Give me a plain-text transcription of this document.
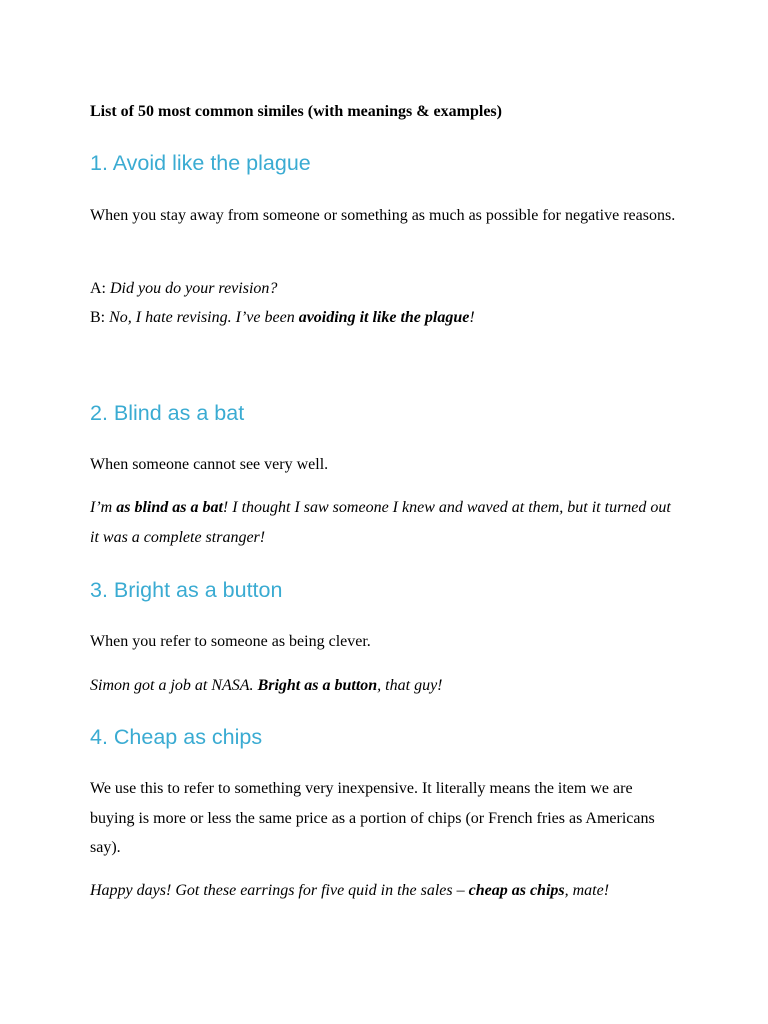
List of 50 most common similes (with meanings & examples)
1. Avoid like the plague
When you stay away from someone or something as much as possible for negative reasons.
A: Did you do your revision?
B: No, I hate revising. I’ve been avoiding it like the plague!
2. Blind as a bat
When someone cannot see very well.
I’m as blind as a bat! I thought I saw someone I knew and waved at them, but it turned out it was a complete stranger!
3. Bright as a button
When you refer to someone as being clever.
Simon got a job at NASA. Bright as a button, that guy!
4. Cheap as chips
We use this to refer to something very inexpensive. It literally means the item we are buying is more or less the same price as a portion of chips (or French fries as Americans say).
Happy days! Got these earrings for five quid in the sales – cheap as chips, mate!
